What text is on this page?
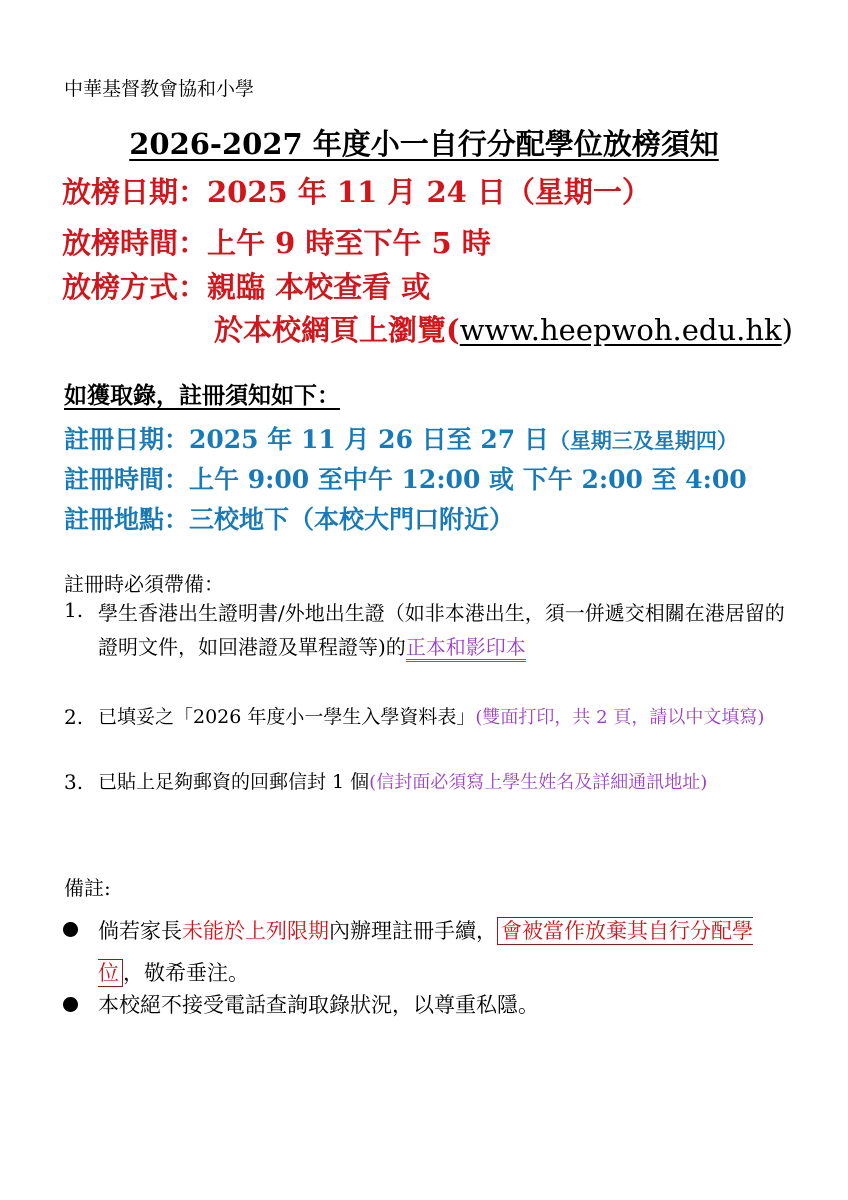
中華基督教會協和小學
2026-2027 年度小一自行分配學位放榜須知
放榜日期：2025 年 11 月 24 日（星期一）
放榜時間：上午 9 時至下午 5 時
放榜方式：親臨 本校查看 或
於本校網頁上瀏覽(www.heepwoh.edu.hk)
如獲取錄，註冊須知如下：
註冊日期：2025 年 11 月 26 日至 27 日（星期三及星期四）
註冊時間：上午 9:00 至中午 12:00 或 下午 2:00 至 4:00
註冊地點：三校地下（本校大門口附近）
註冊時必須帶備：
1. 學生香港出生證明書/外地出生證（如非本港出生，須一併遞交相關在港居留的證明文件，如回港證及單程證等)的正本和影印本
2. 已填妥之「2026 年度小一學生入學資料表」(雙面打印，共 2 頁，請以中文填寫)
3. 已貼上足夠郵資的回郵信封 1 個(信封面必須寫上學生姓名及詳細通訊地址)
備註:
倘若家長未能於上列限期內辦理註冊手續， 會被當作放棄其自行分配學位 ，敬希垂注。
本校絕不接受電話查詢取錄狀況，以尊重私隱。
